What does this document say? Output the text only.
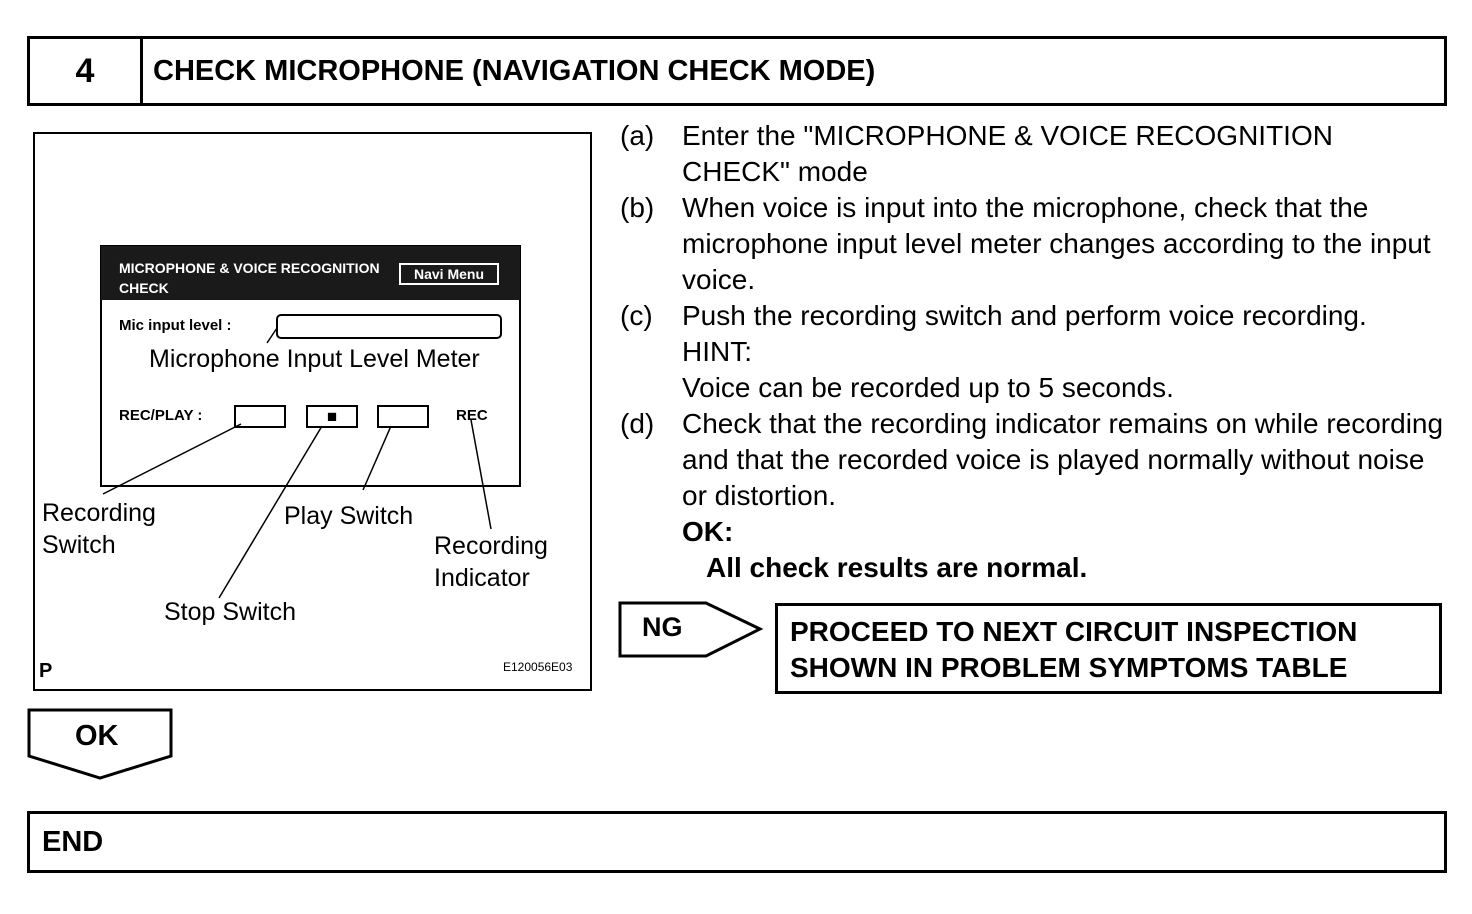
4	CHECK MICROPHONE (NAVIGATION CHECK MODE)
MICROPHONE & VOICE RECOGNITION CHECK
Navi Menu
Mic input level :
Microphone Input Level Meter
REC/PLAY :	■	REC
Recording
Switch
Play Switch
Recording
Indicator
Stop Switch
P	E120056E03
(a) Enter the "MICROPHONE & VOICE RECOGNITION CHECK" mode
(b) When voice is input into the microphone, check that the microphone input level meter changes according to the input voice.
(c) Push the recording switch and perform voice recording.
HINT:
Voice can be recorded up to 5 seconds.
(d) Check that the recording indicator remains on while recording and that the recorded voice is played normally without noise or distortion.
OK:
All check results are normal.
NG	PROCEED TO NEXT CIRCUIT INSPECTION SHOWN IN PROBLEM SYMPTOMS TABLE
OK
END
